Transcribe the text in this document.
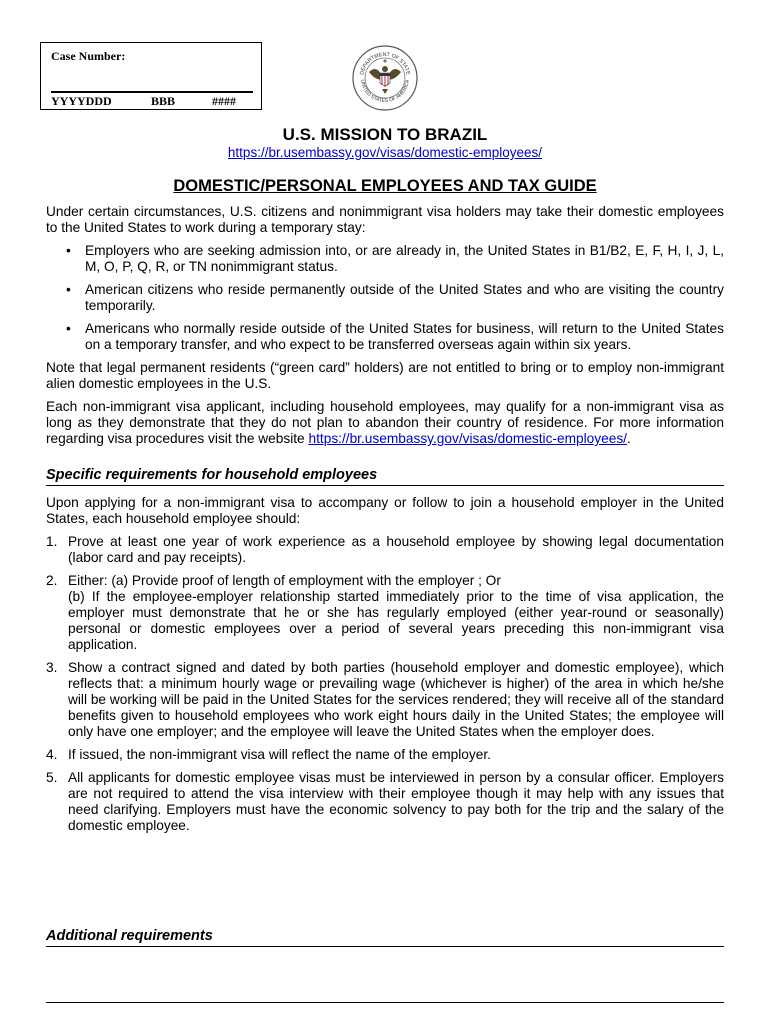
Case Number:
YYYYDDD	BBB	####
DEPARTMENT OF STATE
UNITED STATES OF AMERICA
U.S. MISSION TO BRAZIL
https://br.usembassy.gov/visas/domestic-employees/
DOMESTIC/PERSONAL EMPLOYEES AND TAX GUIDE

Under certain circumstances, U.S. citizens and nonimmigrant visa holders may take their domestic employees to the United States to work during a temporary stay:

• Employers who are seeking admission into, or are already in, the United States in B1/B2, E, F, H, I, J, L, M, O, P, Q, R, or TN nonimmigrant status.
• American citizens who reside permanently outside of the United States and who are visiting the country temporarily.
• Americans who normally reside outside of the United States for business, will return to the United States on a temporary transfer, and who expect to be transferred overseas again within six years.

Note that legal permanent residents (“green card” holders) are not entitled to bring or to employ non-immigrant alien domestic employees in the U.S.

Each non-immigrant visa applicant, including household employees, may qualify for a non-immigrant visa as long as they demonstrate that they do not plan to abandon their country of residence. For more information regarding visa procedures visit the website https://br.usembassy.gov/visas/domestic-employees/.

Specific requirements for household employees

Upon applying for a non-immigrant visa to accompany or follow to join a household employer in the United States, each household employee should:

1. Prove at least one year of work experience as a household employee by showing legal documentation (labor card and pay receipts).
2. Either: (a) Provide proof of length of employment with the employer ; Or
(b) If the employee-employer relationship started immediately prior to the time of visa application, the employer must demonstrate that he or she has regularly employed (either year-round or seasonally) personal or domestic employees over a period of several years preceding this non-immigrant visa application.
3. Show a contract signed and dated by both parties (household employer and domestic employee), which reflects that: a minimum hourly wage or prevailing wage (whichever is higher) of the area in which he/she will be working will be paid in the United States for the services rendered; they will receive all of the standard benefits given to household employees who work eight hours daily in the United States; the employee will only have one employer; and the employee will leave the United States when the employer does.
4. If issued, the non-immigrant visa will reflect the name of the employer.
5. All applicants for domestic employee visas must be interviewed in person by a consular officer. Employers are not required to attend the visa interview with their employee though it may help with any issues that need clarifying. Employers must have the economic solvency to pay both for the trip and the salary of the domestic employee.
Additional requirements
